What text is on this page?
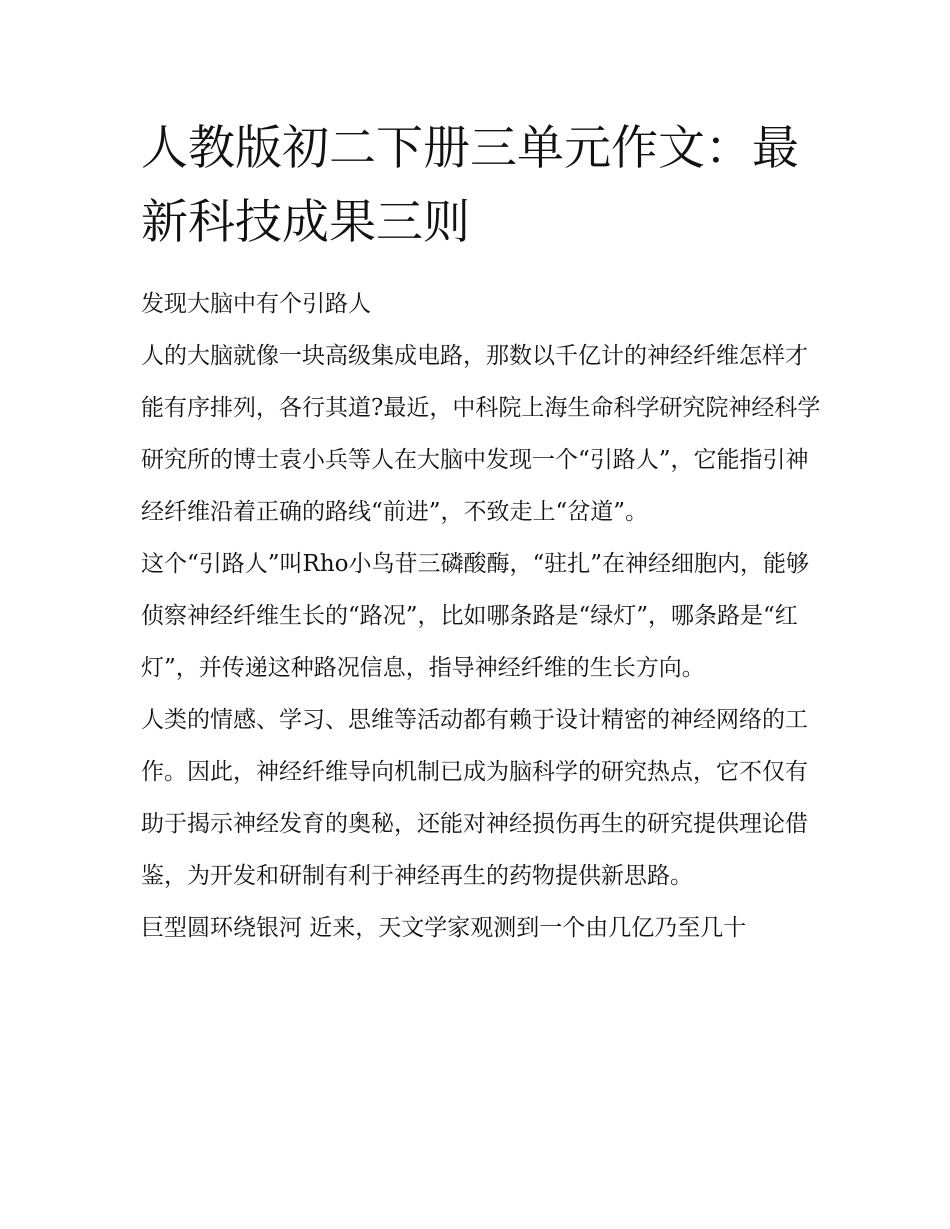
人教版初二下册三单元作文：最新科技成果三则

发现大脑中有个引路人

人的大脑就像一块高级集成电路，那数以千亿计的神经纤维怎样才能有序排列，各行其道?最近，中科院上海生命科学研究院神经科学研究所的博士袁小兵等人在大脑中发现一个“引路人”，它能指引神经纤维沿着正确的路线“前进”，不致走上“岔道”。

这个“引路人”叫Rho小鸟苷三磷酸酶，“驻扎”在神经细胞内，能够侦察神经纤维生长的“路况”，比如哪条路是“绿灯”，哪条路是“红灯”，并传递这种路况信息，指导神经纤维的生长方向。

人类的情感、学习、思维等活动都有赖于设计精密的神经网络的工作。因此，神经纤维导向机制已成为脑科学的研究热点，它不仅有助于揭示神经发育的奥秘，还能对神经损伤再生的研究提供理论借鉴，为开发和研制有利于神经再生的药物提供新思路。

巨型圆环绕银河 近来，天文学家观测到一个由几亿乃至几十
